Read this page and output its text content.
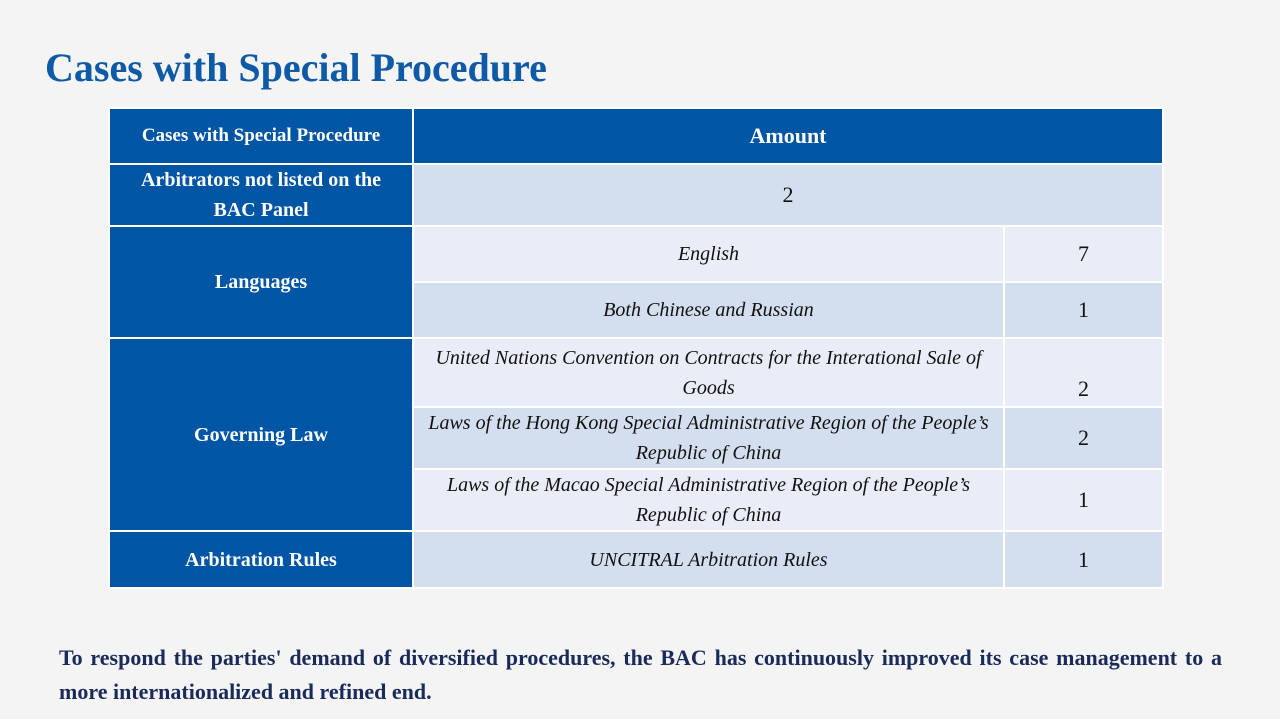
Cases with Special Procedure
Cases with Special Procedure	Amount	
Arbitrators not listed on the BAC Panel	2	
Languages	English	7
	Both Chinese and Russian	1
Governing Law	United Nations Convention on Contracts for the Interational Sale of Goods	2
	Laws of the Hong Kong Special Administrative Region of the People’s Republic of China	2
	Laws of the Macao Special Administrative Region of the People’s Republic of China	1
Arbitration Rules	UNCITRAL Arbitration Rules	1

To respond the parties' demand of diversified procedures, the BAC has continuously improved its case management to a more internationalized and refined end.
